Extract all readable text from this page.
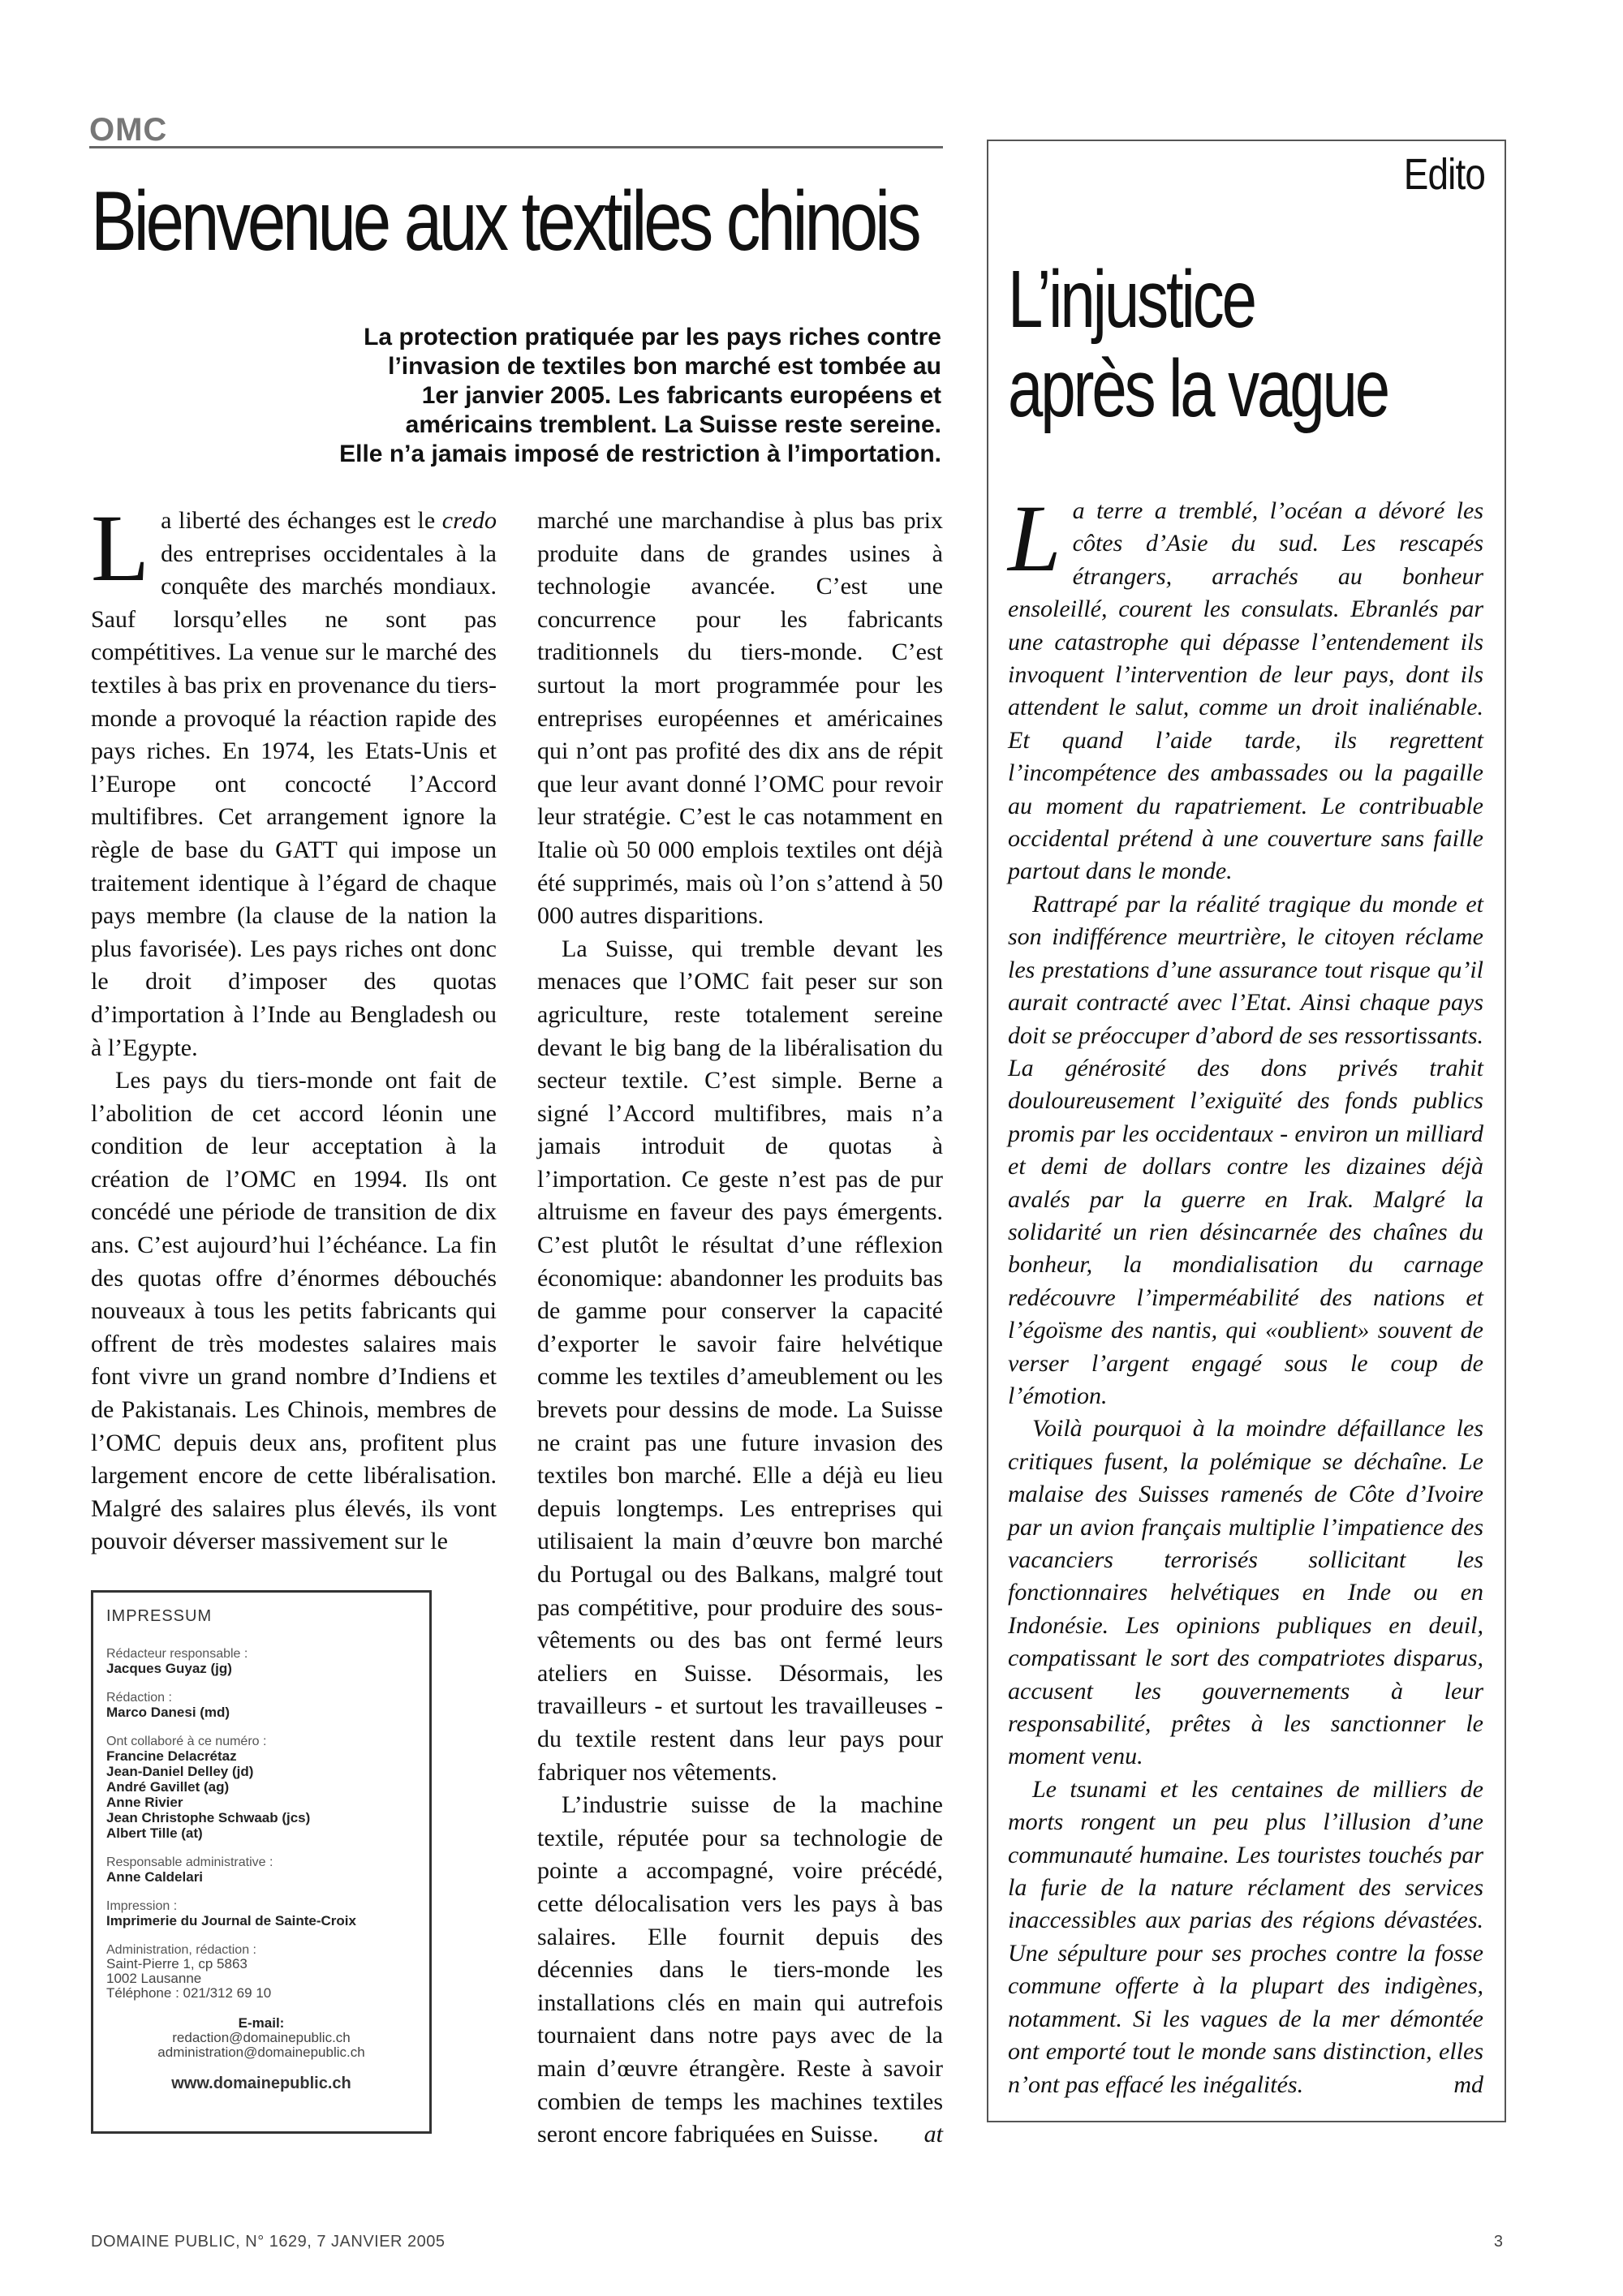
OMC
Bienvenue aux textiles chinois

La protection pratiquée par les pays riches contre

l’invasion de textiles bon marché est tombée au

1er janvier 2005. Les fabricants européens et

américains tremblent. La Suisse reste sereine.

Elle n’a jamais imposé de restriction à l’importation.

La liberté des échanges est le credo des entreprises occidentales à la conquête des marchés mondiaux. Sauf lorsqu’elles ne sont pas compétitives. La venue sur le marché des textiles à bas prix en provenance du tiers-monde a provoqué la réaction rapide des pays riches. En 1974, les Etats-Unis et l’Europe ont concocté l’Accord multifibres. Cet arrangement ignore la règle de base du GATT qui impose un traitement identique à l’égard de chaque pays membre (la clause de la nation la plus favorisée). Les pays riches ont donc le droit d’imposer des quotas d’importation à l’Inde au Bengladesh ou à l’Egypte.

Les pays du tiers-monde ont fait de l’abolition de cet accord léonin une condition de leur acceptation à la création de l’OMC en 1994. Ils ont concédé une période de transition de dix ans. C’est aujourd’hui l’échéance. La fin des quotas offre d’énormes débouchés nouveaux à tous les petits fabricants qui offrent de très modestes salaires mais font vivre un grand nombre d’Indiens et de Pakistanais. Les Chinois, membres de l’OMC depuis deux ans, profitent plus largement encore de cette libéralisation. Malgré des salaires plus élevés, ils vont pouvoir déverser massivement sur le

marché une marchandise à plus bas prix produite dans de grandes usines à technologie avancée. C’est une concurrence pour les fabricants traditionnels du tiers-monde. C’est surtout la mort programmée pour les entreprises européennes et américaines qui n’ont pas profité des dix ans de répit que leur avant donné l’OMC pour revoir leur stratégie. C’est le cas notamment en Italie où 50 000 emplois textiles ont déjà été supprimés, mais où l’on s’attend à 50 000 autres disparitions.

La Suisse, qui tremble devant les menaces que l’OMC fait peser sur son agriculture, reste totalement sereine devant le big bang de la libéralisation du secteur textile. C’est simple. Berne a signé l’Accord multifibres, mais n’a jamais introduit de quotas à l’importation. Ce geste n’est pas de pur altruisme en faveur des pays émergents. C’est plutôt le résultat d’une réflexion économique: abandonner les produits bas de gamme pour conserver la capacité d’exporter le savoir faire helvétique comme les textiles d’ameublement ou les brevets pour dessins de mode. La Suisse ne craint pas une future invasion des textiles bon marché. Elle a déjà eu lieu depuis longtemps. Les entreprises qui utilisaient la main d’œuvre bon marché du Portugal ou des Balkans, malgré tout pas compétitive, pour produire des sous-vêtements ou des bas ont fermé leurs ateliers en Suisse. Désormais, les travailleurs - et surtout les travailleuses - du textile restent dans leur pays pour fabriquer nos vêtements.

L’industrie suisse de la machine textile, réputée pour sa technologie de pointe a accompagné, voire précédé, cette délocalisation vers les pays à bas salaires. Elle fournit depuis des décennies dans le tiers-monde les installations clés en main qui autrefois tournaient dans notre pays avec de la main d’œuvre étrangère. Reste à savoir combien de temps les machines textiles seront encore fabriquées en Suisse.	at

IMPRESSUM
Rédacteur responsable :
Jacques Guyaz (jg)
Rédaction :
Marco Danesi (md)
Ont collaboré à ce numéro :
Francine Delacrétaz
Jean-Daniel Delley (jd)
André Gavillet (ag)
Anne Rivier
Jean Christophe Schwaab (jcs)
Albert Tille (at)
Responsable administrative :
Anne Caldelari
Impression :
Imprimerie du Journal de Sainte-Croix
Administration, rédaction :
Saint-Pierre 1, cp 5863
1002 Lausanne
Téléphone : 021/312 69 10
E-mail:
redaction@domainepublic.ch
administration@domainepublic.ch
www.domainepublic.ch
Edito
L’injustice
après la vague

La terre a tremblé, l’océan a dévoré les côtes d’Asie du sud. Les rescapés étrangers, arrachés au bonheur ensoleillé, courent les consulats. Ebranlés par une catastrophe qui dépasse l’entendement ils invoquent l’intervention de leur pays, dont ils attendent le salut, comme un droit inaliénable. Et quand l’aide tarde, ils regrettent l’incompétence des ambassades ou la pagaille au moment du rapatriement. Le contribuable occidental prétend à une couverture sans faille partout dans le monde.

Rattrapé par la réalité tragique du monde et son indifférence meurtrière, le citoyen réclame les prestations d’une assurance tout risque qu’il aurait contracté avec l’Etat. Ainsi chaque pays doit se préoccuper d’abord de ses ressortissants. La générosité des dons privés trahit douloureusement l’exiguïté des fonds publics promis par les occidentaux - environ un milliard et demi de dollars contre les dizaines déjà avalés par la guerre en Irak. Malgré la solidarité un rien désincarnée des chaînes du bonheur, la mondialisation du carnage redécouvre l’imperméabilité des nations et l’égoïsme des nantis, qui «oublient» souvent de verser l’argent engagé sous le coup de l’émotion.

Voilà pourquoi à la moindre défaillance les critiques fusent, la polémique se déchaîne. Le malaise des Suisses ramenés de Côte d’Ivoire par un avion français multiplie l’impatience des vacanciers terrorisés sollicitant les fonctionnaires helvétiques en Inde ou en Indonésie. Les opinions publiques en deuil, compatissant le sort des compatriotes disparus, accusent les gouvernements à leur responsabilité, prêtes à les sanctionner le moment venu.

Le tsunami et les centaines de milliers de morts rongent un peu plus l’illusion d’une communauté humaine. Les touristes touchés par la furie de la nature réclament des services inaccessibles aux parias des régions dévastées. Une sépulture pour ses proches contre la fosse commune offerte à la plupart des indigènes, notamment. Si les vagues de la mer démontée ont emporté tout le monde sans distinction, elles n’ont pas effacé les inégalités.	md

DOMAINE PUBLIC, N° 1629, 7 JANVIER 2005	3
